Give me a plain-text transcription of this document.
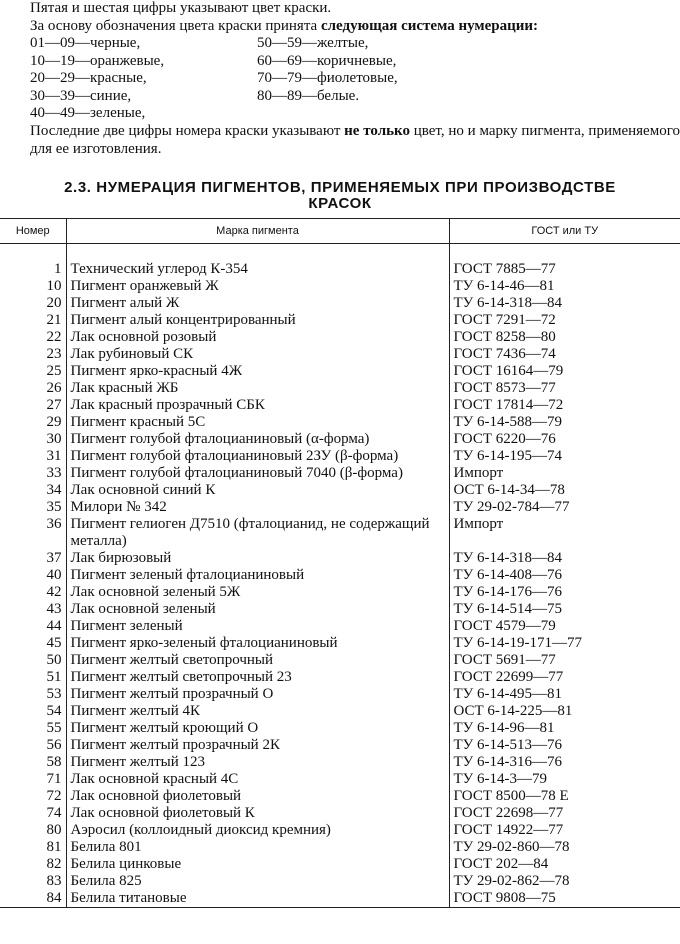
Пятая и шестая цифры указывают цвет краски.

За основу обозначения цвета краски принята следующая система нумерации:

01—09—черные,
10—19—оранжевые,
20—29—красные,
30—39—синие,
40—49—зеленые,
50—59—желтые,
60—69—коричневые,
70—79—фиолетовые,
80—89—белые.

Последние две цифры номера краски указывают не только цвет, но и марку пигмента, применяемого для ее изготовления.

2.3. НУМЕРАЦИЯ ПИГМЕНТОВ, ПРИМЕНЯЕМЫХ ПРИ ПРОИЗВОДСТВЕ
КРАСОК
Номер	Марка пигмента	ГОСТ или ТУ

1	Технический углерод К-354	ГОСТ 7885—77
10	Пигмент оранжевый Ж	ТУ 6-14-46—81
20	Пигмент алый Ж	ТУ 6-14-318—84
21	Пигмент алый концентрированный	ГОСТ 7291—72
22	Лак основной розовый	ГОСТ 8258—80
23	Лак рубиновый СК	ГОСТ 7436—74
25	Пигмент ярко-красный 4Ж	ГОСТ 16164—79
26	Лак красный ЖБ	ГОСТ 8573—77
27	Лак красный прозрачный СБК	ГОСТ 17814—72
29	Пигмент красный 5С	ТУ 6-14-588—79
30	Пигмент голубой фталоцианиновый (α-форма)	ГОСТ 6220—76
31	Пигмент голубой фталоцианиновый 2ЗУ (β-форма)	ТУ 6-14-195—74
33	Пигмент голубой фталоцианиновый 7040 (β-форма)	Импорт
34	Лак основной синий К	ОСТ 6-14-34—78
35	Милори № 342	ТУ 29-02-784—77
36	Пигмент гелиоген Д7510 (фталоцианид, не содержащий металла)	Импорт
37	Лак бирюзовый	ТУ 6-14-318—84
40	Пигмент зеленый фталоцианиновый	ТУ 6-14-408—76
42	Лак основной зеленый 5Ж	ТУ 6-14-176—76
43	Лак основной зеленый	ТУ 6-14-514—75
44	Пигмент зеленый	ГОСТ 4579—79
45	Пигмент ярко-зеленый фталоцианиновый	ТУ 6-14-19-171—77
50	Пигмент желтый светопрочный	ГОСТ 5691—77
51	Пигмент желтый светопрочный 23	ГОСТ 22699—77
53	Пигмент желтый прозрачный О	ТУ 6-14-495—81
54	Пигмент желтый 4К	ОСТ 6-14-225—81
55	Пигмент желтый кроющий О	ТУ 6-14-96—81
56	Пигмент желтый прозрачный 2К	ТУ 6-14-513—76
58	Пигмент желтый 123	ТУ 6-14-316—76
71	Лак основной красный 4С	ТУ 6-14-3—79
72	Лак основной фиолетовый	ГОСТ 8500—78 Е
74	Лак основной фиолетовый К	ГОСТ 22698—77
80	Аэросил (коллоидный диоксид кремния)	ГОСТ 14922—77
81	Белила 801	ТУ 29-02-860—78
82	Белила цинковые	ГОСТ 202—84
83	Белила 825	ТУ 29-02-862—78
84	Белила титановые	ГОСТ 9808—75
